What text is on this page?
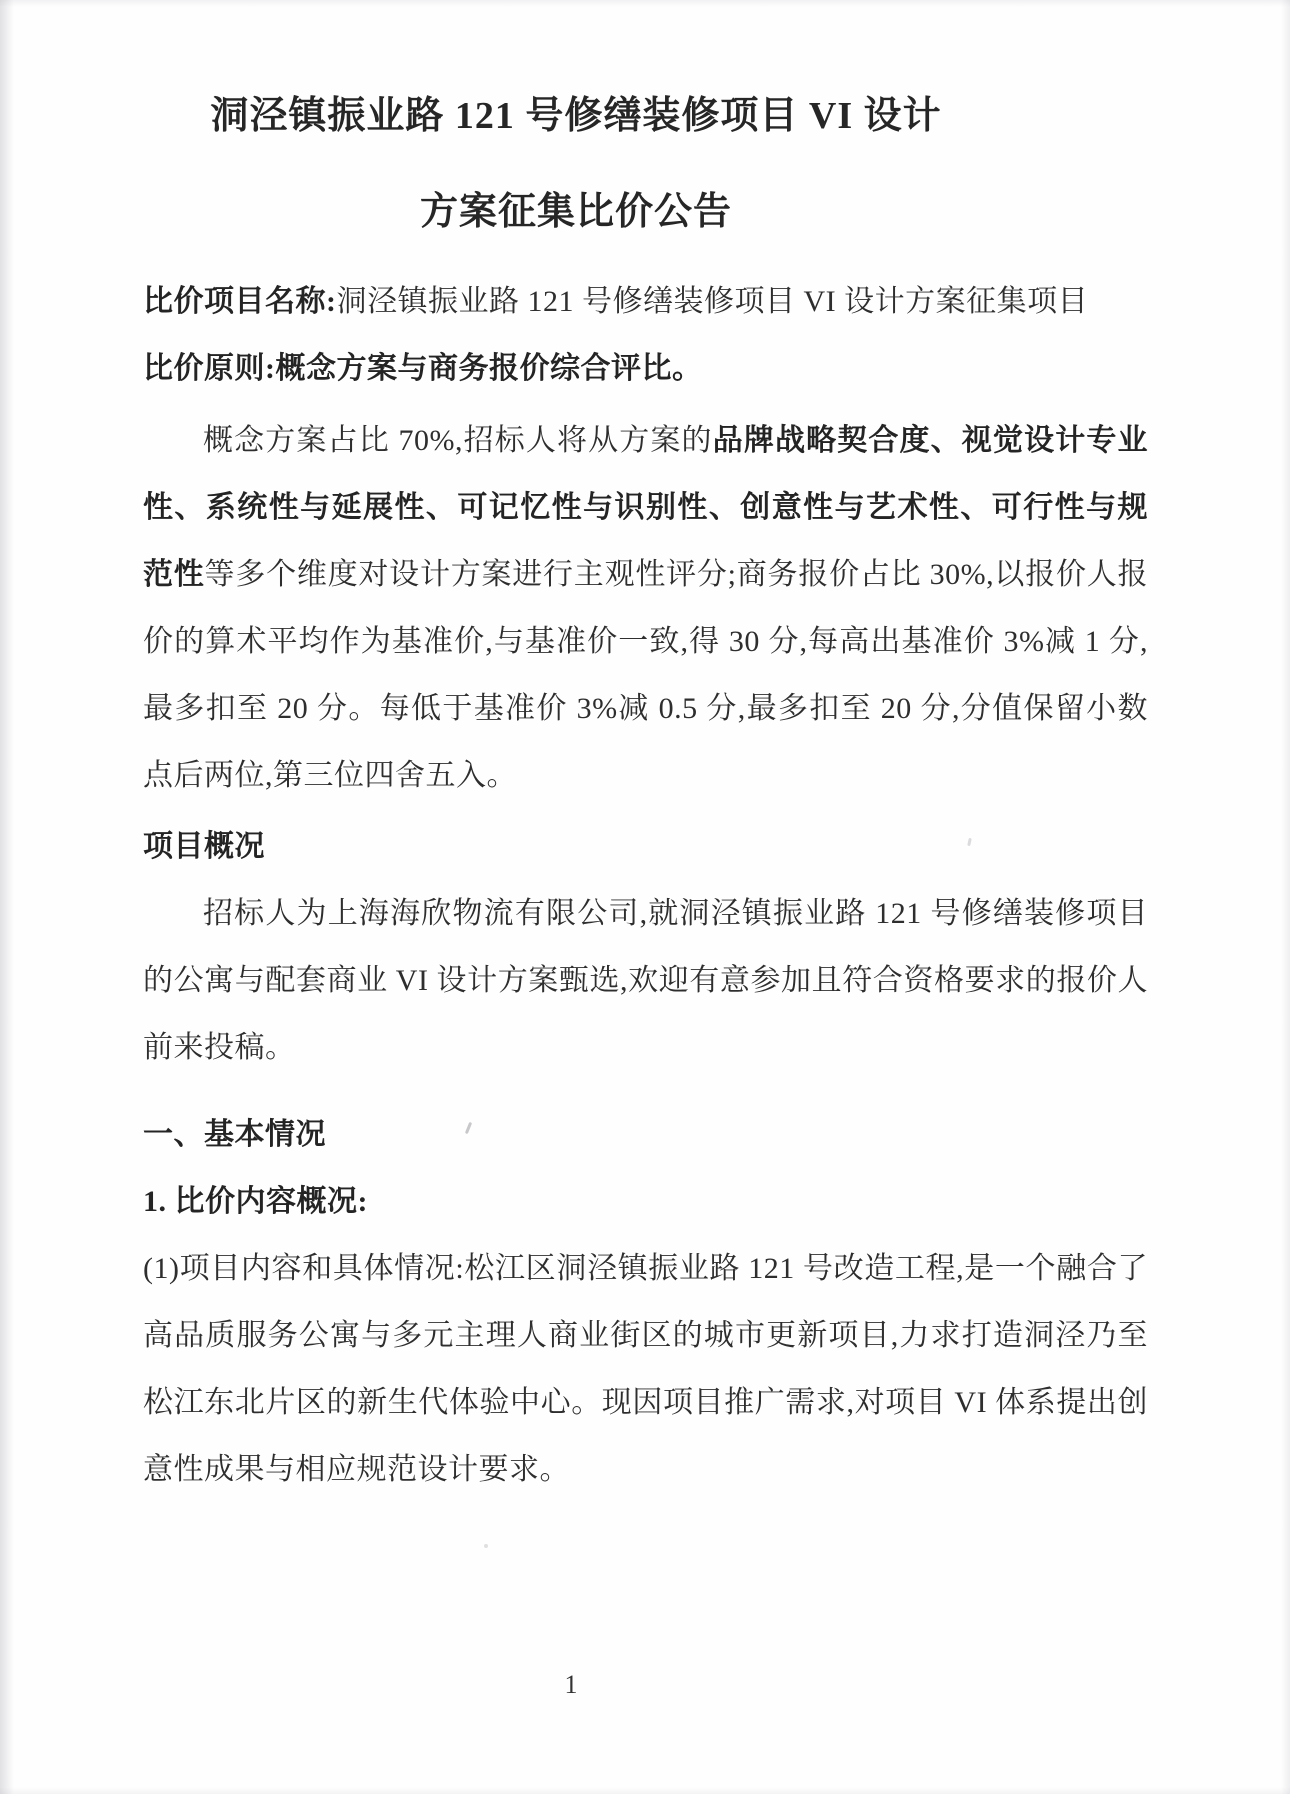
洞泾镇振业路 121 号修缮装修项目 VI 设计
方案征集比价公告

比价项目名称:洞泾镇振业路 121 号修缮装修项目 VI 设计方案征集项目

比价原则:概念方案与商务报价综合评比。

概念方案占比 70%,招标人将从方案的品牌战略契合度、视觉设计专业性、系统性与延展性、可记忆性与识别性、创意性与艺术性、可行性与规范性等多个维度对设计方案进行主观性评分;商务报价占比 30%,以报价人报价的算术平均作为基准价,与基准价一致,得 30 分,每高出基准价 3%减 1 分,最多扣至 20 分。每低于基准价 3%减 0.5 分,最多扣至 20 分,分值保留小数点后两位,第三位四舍五入。

项目概况

招标人为上海海欣物流有限公司,就洞泾镇振业路 121 号修缮装修项目的公寓与配套商业 VI 设计方案甄选,欢迎有意参加且符合资格要求的报价人前来投稿。

一、基本情况

1. 比价内容概况:

(1)项目内容和具体情况:松江区洞泾镇振业路 121 号改造工程,是一个融合了高品质服务公寓与多元主理人商业街区的城市更新项目,力求打造洞泾乃至松江东北片区的新生代体验中心。现因项目推广需求,对项目 VI 体系提出创意性成果与相应规范设计要求。

1
